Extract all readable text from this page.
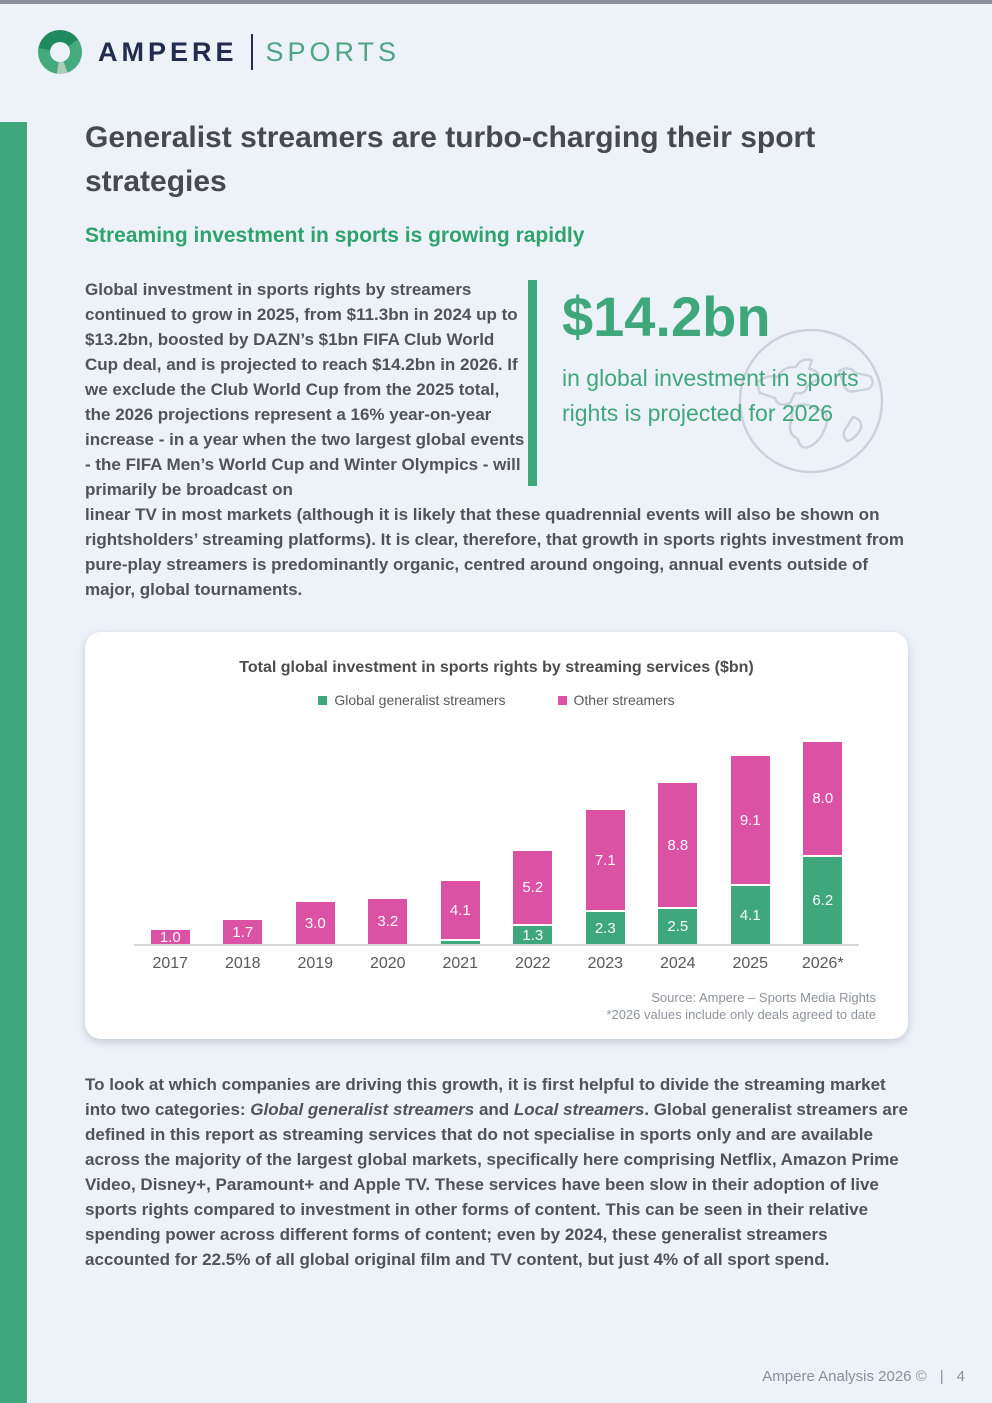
AMPERE SPORTS
Generalist streamers are turbo-charging their sport strategies
Streaming investment in sports is growing rapidly

Global investment in sports rights by streamers continued to grow in 2025, from $11.3bn in 2024 up to $13.2bn, boosted by DAZN’s $1bn FIFA Club World Cup deal, and is projected to reach $14.2bn in 2026. If we exclude the Club World Cup from the 2025 total, the 2026 projections represent a 16% year-on-year increase - in a year when the two largest global events - the FIFA Men’s World Cup and Winter Olympics - will primarily be broadcast on

$14.2bn
in global investment in sports rights is projected for 2026

linear TV in most markets (although it is likely that these quadrennial events will also be shown on rightsholders’ streaming platforms). It is clear, therefore, that growth in sports rights investment from pure-play streamers is predominantly organic, centred around ongoing, annual events outside of major, global tournaments.

Total global investment in sports rights by streaming services ($bn)

Global generalist streamers	Other streamers
1.0	1.7
3.0	3.2
4.1
5.2
1.3
7.1
2.3
8.8
2.5
9.1
4.1
8.0
6.2
2017	2018	2019	2020	2021	2022	2023	2024	2025	2026*
Source: Ampere – Sports Media Rights
*2026 values include only deals agreed to date

To look at which companies are driving this growth, it is first helpful to divide the streaming market into two categories: Global generalist streamers and Local streamers. Global generalist streamers are defined in this report as streaming services that do not specialise in sports only and are available across the majority of the largest global markets, specifically here comprising Netflix, Amazon Prime Video, Disney+, Paramount+ and Apple TV. These services have been slow in their adoption of live sports rights compared to investment in other forms of content. This can be seen in their relative spending power across different forms of content; even by 2024, these generalist streamers accounted for 22.5% of all global original film and TV content, but just 4% of all sport spend.

Ampere Analysis 2026 © | 4
